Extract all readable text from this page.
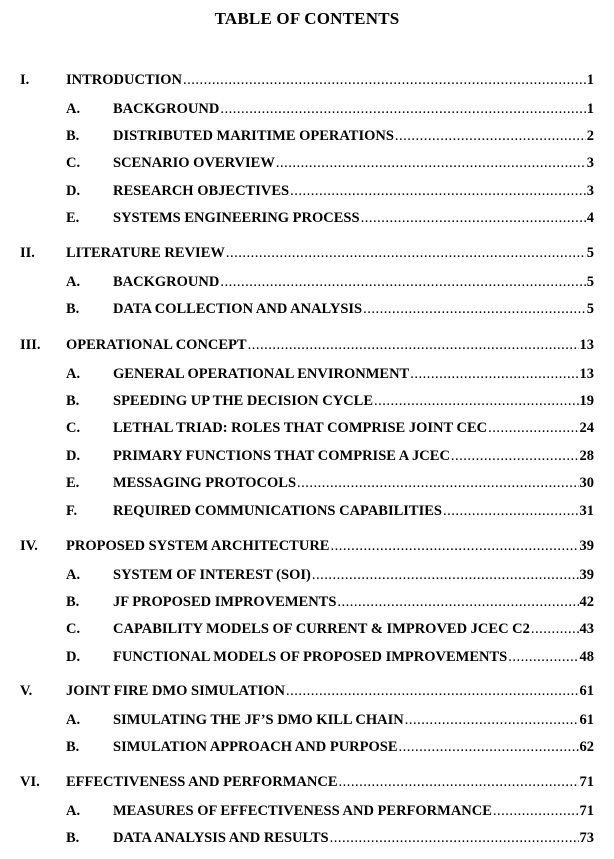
TABLE OF CONTENTS
I.	INTRODUCTION .....	1
A. BACKGROUND .....	1
B. DISTRIBUTED MARITIME OPERATIONS .....	2
C. SCENARIO OVERVIEW .....	3
D. RESEARCH OBJECTIVES .....	3
E. SYSTEMS ENGINEERING PROCESS .....	4
II. LITERATURE REVIEW .....	5
A. BACKGROUND .....	5
B. DATA COLLECTION AND ANALYSIS .....	5
III. OPERATIONAL CONCEPT .....	13
A. GENERAL OPERATIONAL ENVIRONMENT .....	13
B. SPEEDING UP THE DECISION CYCLE .....	19
C. LETHAL TRIAD: ROLES THAT COMPRISE JOINT CEC .....	24
D. PRIMARY FUNCTIONS THAT COMPRISE A JCEC .....	28
E. MESSAGING PROTOCOLS .....	30
F. REQUIRED COMMUNICATIONS CAPABILITIES .....	31
IV. PROPOSED SYSTEM ARCHITECTURE .....	39
A. SYSTEM OF INTEREST (SOI) .....	39
B. JF PROPOSED IMPROVEMENTS .....	42
C. CAPABILITY MODELS OF CURRENT & IMPROVED JCEC C2 .....	43
D. FUNCTIONAL MODELS OF PROPOSED IMPROVEMENTS .....	48
V. JOINT FIRE DMO SIMULATION .....	61
A. SIMULATING THE JF’S DMO KILL CHAIN .....	61
B. SIMULATION APPROACH AND PURPOSE .....	62
VI. EFFECTIVENESS AND PERFORMANCE .....	71
A. MEASURES OF EFFECTIVENESS AND PERFORMANCE .....	71
B. DATA ANALYSIS AND RESULTS .....	73
